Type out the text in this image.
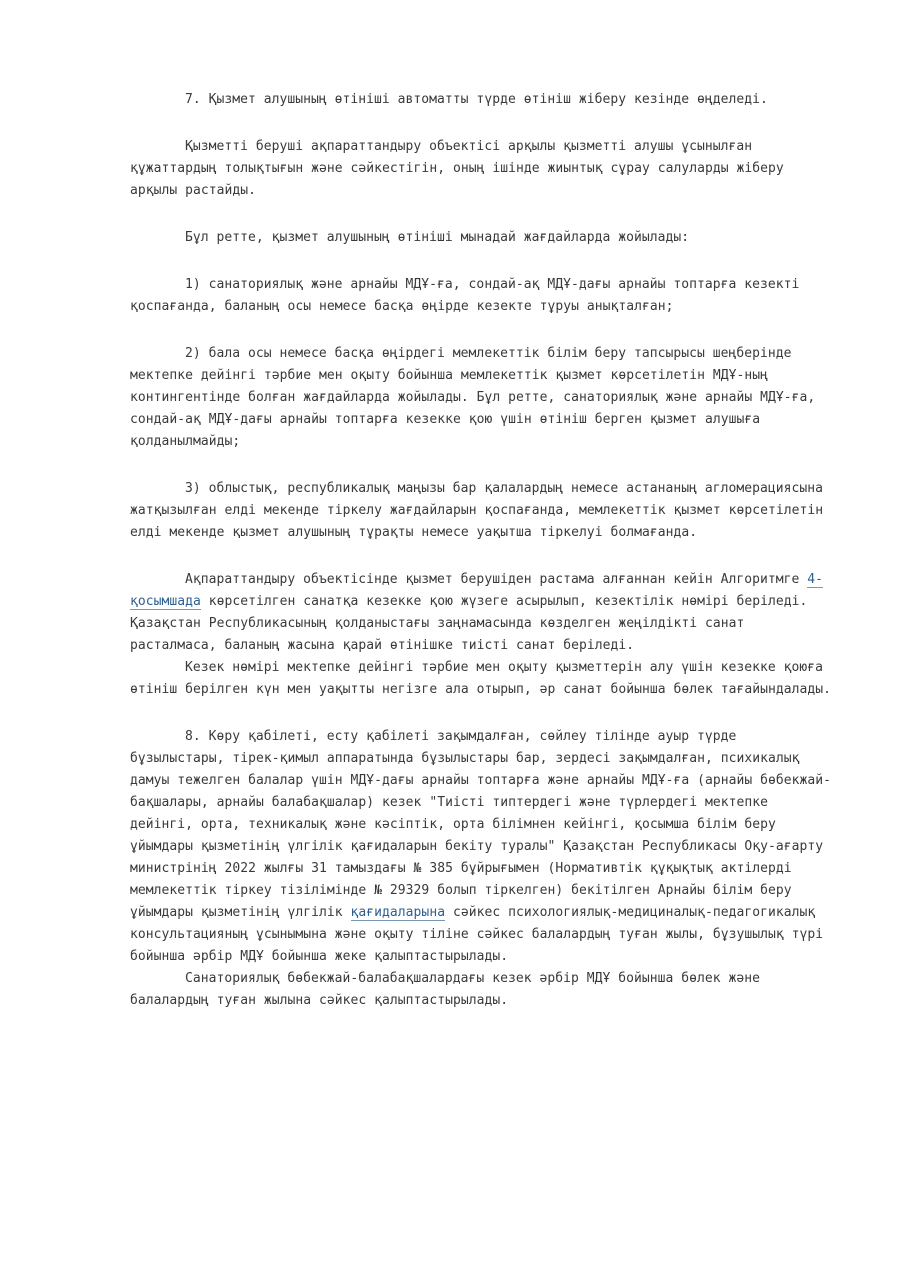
7. Қызмет алушының өтініші автоматты түрде өтініш жіберу кезінде өңделеді.

Қызметті беруші ақпараттандыру объектісі арқылы қызметті алушы ұсынылған құжаттардың толықтығын және сәйкестігін, оның ішінде жиынтық сұрау салуларды жіберу арқылы растайды.

Бұл ретте, қызмет алушының өтініші мынадай жағдайларда жойылады:

1) санаториялық және арнайы МДҰ-ға, сондай-ақ МДҰ-дағы арнайы топтарға кезекті қоспағанда, баланың осы немесе басқа өңірде кезекте тұруы анықталған;

2) бала осы немесе басқа өңірдегі мемлекеттік білім беру тапсырысы шеңберінде мектепке дейінгі тәрбие мен оқыту бойынша мемлекеттік қызмет көрсетілетін МДҰ-ның контингентінде болған жағдайларда жойылады. Бұл ретте, санаториялық және арнайы МДҰ-ға, сондай-ақ МДҰ-дағы арнайы топтарға кезекке қою үшін өтініш берген қызмет алушыға қолданылмайды;

3) облыстық, республикалық маңызы бар қалалардың немесе астананың агломерациясына жатқызылған елді мекенде тіркелу жағдайларын қоспағанда, мемлекеттік қызмет көрсетілетін елді мекенде қызмет алушының тұрақты немесе уақытша тіркелуі болмағанда.

Ақпараттандыру объектісінде қызмет берушіден растама алғаннан кейін Алгоритмге 4-қосымшада көрсетілген санатқа кезекке қою жүзеге асырылып, кезектілік нөмірі беріледі. Қазақстан Республикасының қолданыстағы заңнамасында көзделген жеңілдікті санат расталмаса, баланың жасына қарай өтінішке тиісті санат беріледі.

Кезек нөмірі мектепке дейінгі тәрбие мен оқыту қызметтерін алу үшін кезекке қоюға өтініш берілген күн мен уақытты негізге ала отырып, әр санат бойынша бөлек тағайындалады.

8. Көру қабілеті, есту қабілеті зақымдалған, сөйлеу тілінде ауыр түрде бұзылыстары, тірек-қимыл аппаратында бұзылыстары бар, зердесі зақымдалған, психикалық дамуы тежелген балалар үшін МДҰ-дағы арнайы топтарға және арнайы МДҰ-ға (арнайы бөбекжай-бақшалары, арнайы балабақшалар) кезек "Тиісті типтердегі және түрлердегі мектепке дейінгі, орта, техникалық және кәсіптік, орта білімнен кейінгі, қосымша білім беру ұйымдары қызметінің үлгілік қағидаларын бекіту туралы" Қазақстан Республикасы Оқу-ағарту министрінің 2022 жылғы 31 тамыздағы № 385 бұйрығымен (Нормативтік құқықтық актілерді мемлекеттік тіркеу тізілімінде № 29329 болып тіркелген) бекітілген Арнайы білім беру ұйымдары қызметінің үлгілік қағидаларына сәйкес психологиялық-медициналық-педагогикалық консультацияның ұсынымына және оқыту тіліне сәйкес балалардың туған жылы, бұзушылық түрі бойынша әрбір МДҰ бойынша жеке қалыптастырылады.

Санаториялық бөбекжай-балабақшалардағы кезек әрбір МДҰ бойынша бөлек және балалардың туған жылына сәйкес қалыптастырылады.
